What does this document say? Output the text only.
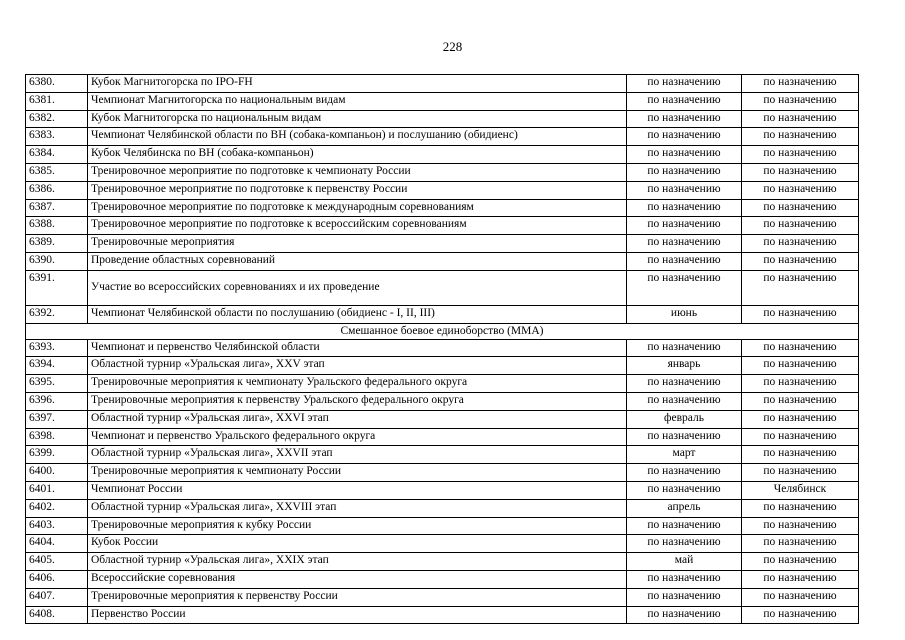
228
6380.	Кубок Магнитогорска по IPO-FH	по назначению	по назначению
6381.	Чемпионат Магнитогорска по национальным видам	по назначению	по назначению
6382.	Кубок Магнитогорска по национальным видам	по назначению	по назначению
6383.	Чемпионат Челябинской области по ВН (собака-компаньон) и послушанию (обидиенс)	по назначению	по назначению
6384.	Кубок Челябинска по ВН (собака-компаньон)	по назначению	по назначению
6385.	Тренировочное мероприятие по подготовке к чемпионату России	по назначению	по назначению
6386.	Тренировочное мероприятие по подготовке к первенству России	по назначению	по назначению
6387.	Тренировочное мероприятие по подготовке к международным соревнованиям	по назначению	по назначению
6388.	Тренировочное мероприятие по подготовке к всероссийским соревнованиям	по назначению	по назначению
6389.	Тренировочные мероприятия	по назначению	по назначению
6390.	Проведение областных соревнований	по назначению	по назначению
6391.	Участие во всероссийских соревнованиях и их проведение	по назначению	по назначению
6392.	Чемпионат Челябинской области по послушанию (обидиенс - I, II, III)	июнь	по назначению
Смешанное боевое единоборство (ММА)			
6393.	Чемпионат и первенство Челябинской области	по назначению	по назначению
6394.	Областной турнир «Уральская лига», XXV этап	январь	по назначению
6395.	Тренировочные мероприятия к чемпионату Уральского федерального округа	по назначению	по назначению
6396.	Тренировочные мероприятия к первенству Уральского федерального округа	по назначению	по назначению
6397.	Областной турнир «Уральская лига», XXVI этап	февраль	по назначению
6398.	Чемпионат и первенство Уральского федерального округа	по назначению	по назначению
6399.	Областной турнир «Уральская лига», XXVII этап	март	по назначению
6400.	Тренировочные мероприятия к чемпионату России	по назначению	по назначению
6401.	Чемпионат России	по назначению	Челябинск
6402.	Областной турнир «Уральская лига», XXVIII этап	апрель	по назначению
6403.	Тренировочные мероприятия к кубку России	по назначению	по назначению
6404.	Кубок России	по назначению	по назначению
6405.	Областной турнир «Уральская лига», XXIX этап	май	по назначению
6406.	Всероссийские соревнования	по назначению	по назначению
6407.	Тренировочные мероприятия к первенству России	по назначению	по назначению
6408.	Первенство России	по назначению	по назначению
